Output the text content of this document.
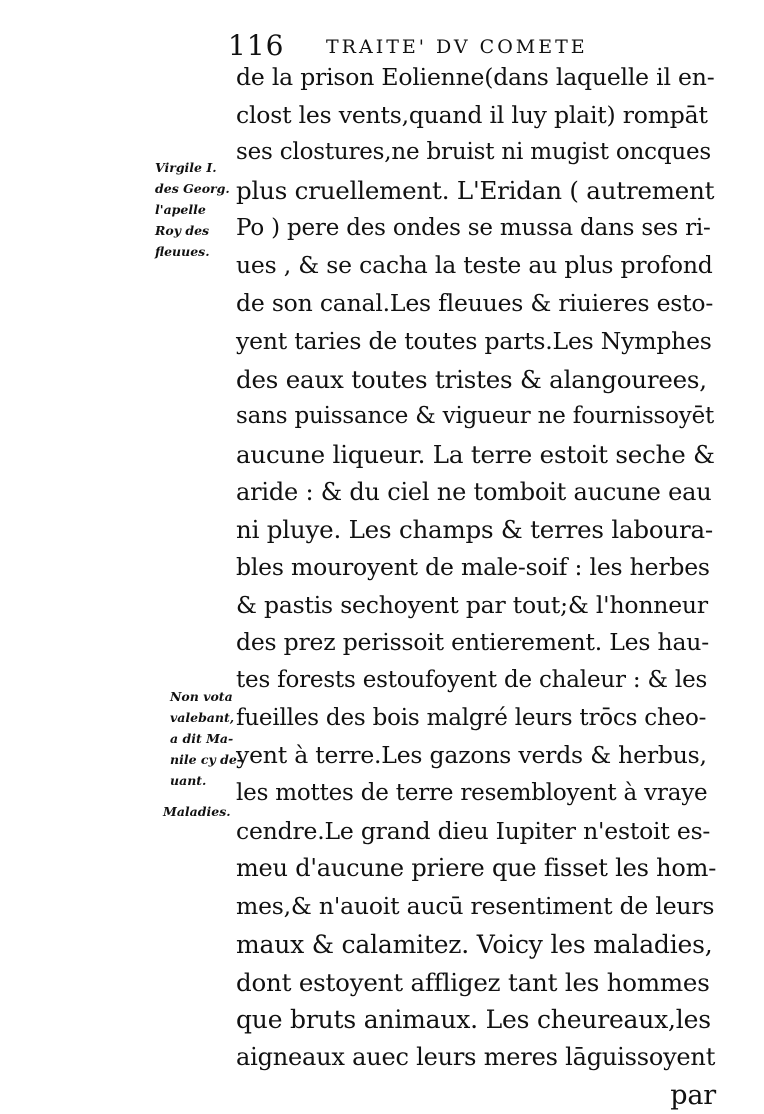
116 TRAITE' DV COMETE
Virgile I.
des Georg.
l'apelle
Roy des
fleuues.
Non vota
valebant,
a dit Ma-
nile cy de-
uant.
Maladies.
de la prison Eolienne(dans laquelle il en-
clost les vents,quand il luy plait) rompāt
ses clostures,ne bruist ni mugist oncques
plus cruellement. L'Eridan ( autrement
Po ) pere des ondes se mussa dans ses ri-
ues , & se cacha la teste au plus profond
de son canal.Les fleuues & riuieres esto-
yent taries de toutes parts.Les Nymphes
des eaux toutes tristes & alangourees,
sans puissance & vigueur ne fournissoyēt
aucune liqueur. La terre estoit seche &
aride : & du ciel ne tomboit aucune eau
ni pluye. Les champs & terres laboura-
bles mouroyent de male-soif : les herbes
& pastis sechoyent par tout;& l'honneur
des prez perissoit entierement. Les hau-
tes forests estoufoyent de chaleur : & les
fueilles des bois malgré leurs trōcs cheo-
yent à terre.Les gazons verds & herbus,
les mottes de terre resembloyent à vraye
cendre.Le grand dieu Iupiter n'estoit es-
meu d'aucune priere que fisset les hom-
mes,& n'auoit aucū resentiment de leurs
maux & calamitez. Voicy les maladies,
dont estoyent affligez tant les hommes
que bruts animaux. Les cheureaux,les
aigneaux auec leurs meres lāguissoyent
par
